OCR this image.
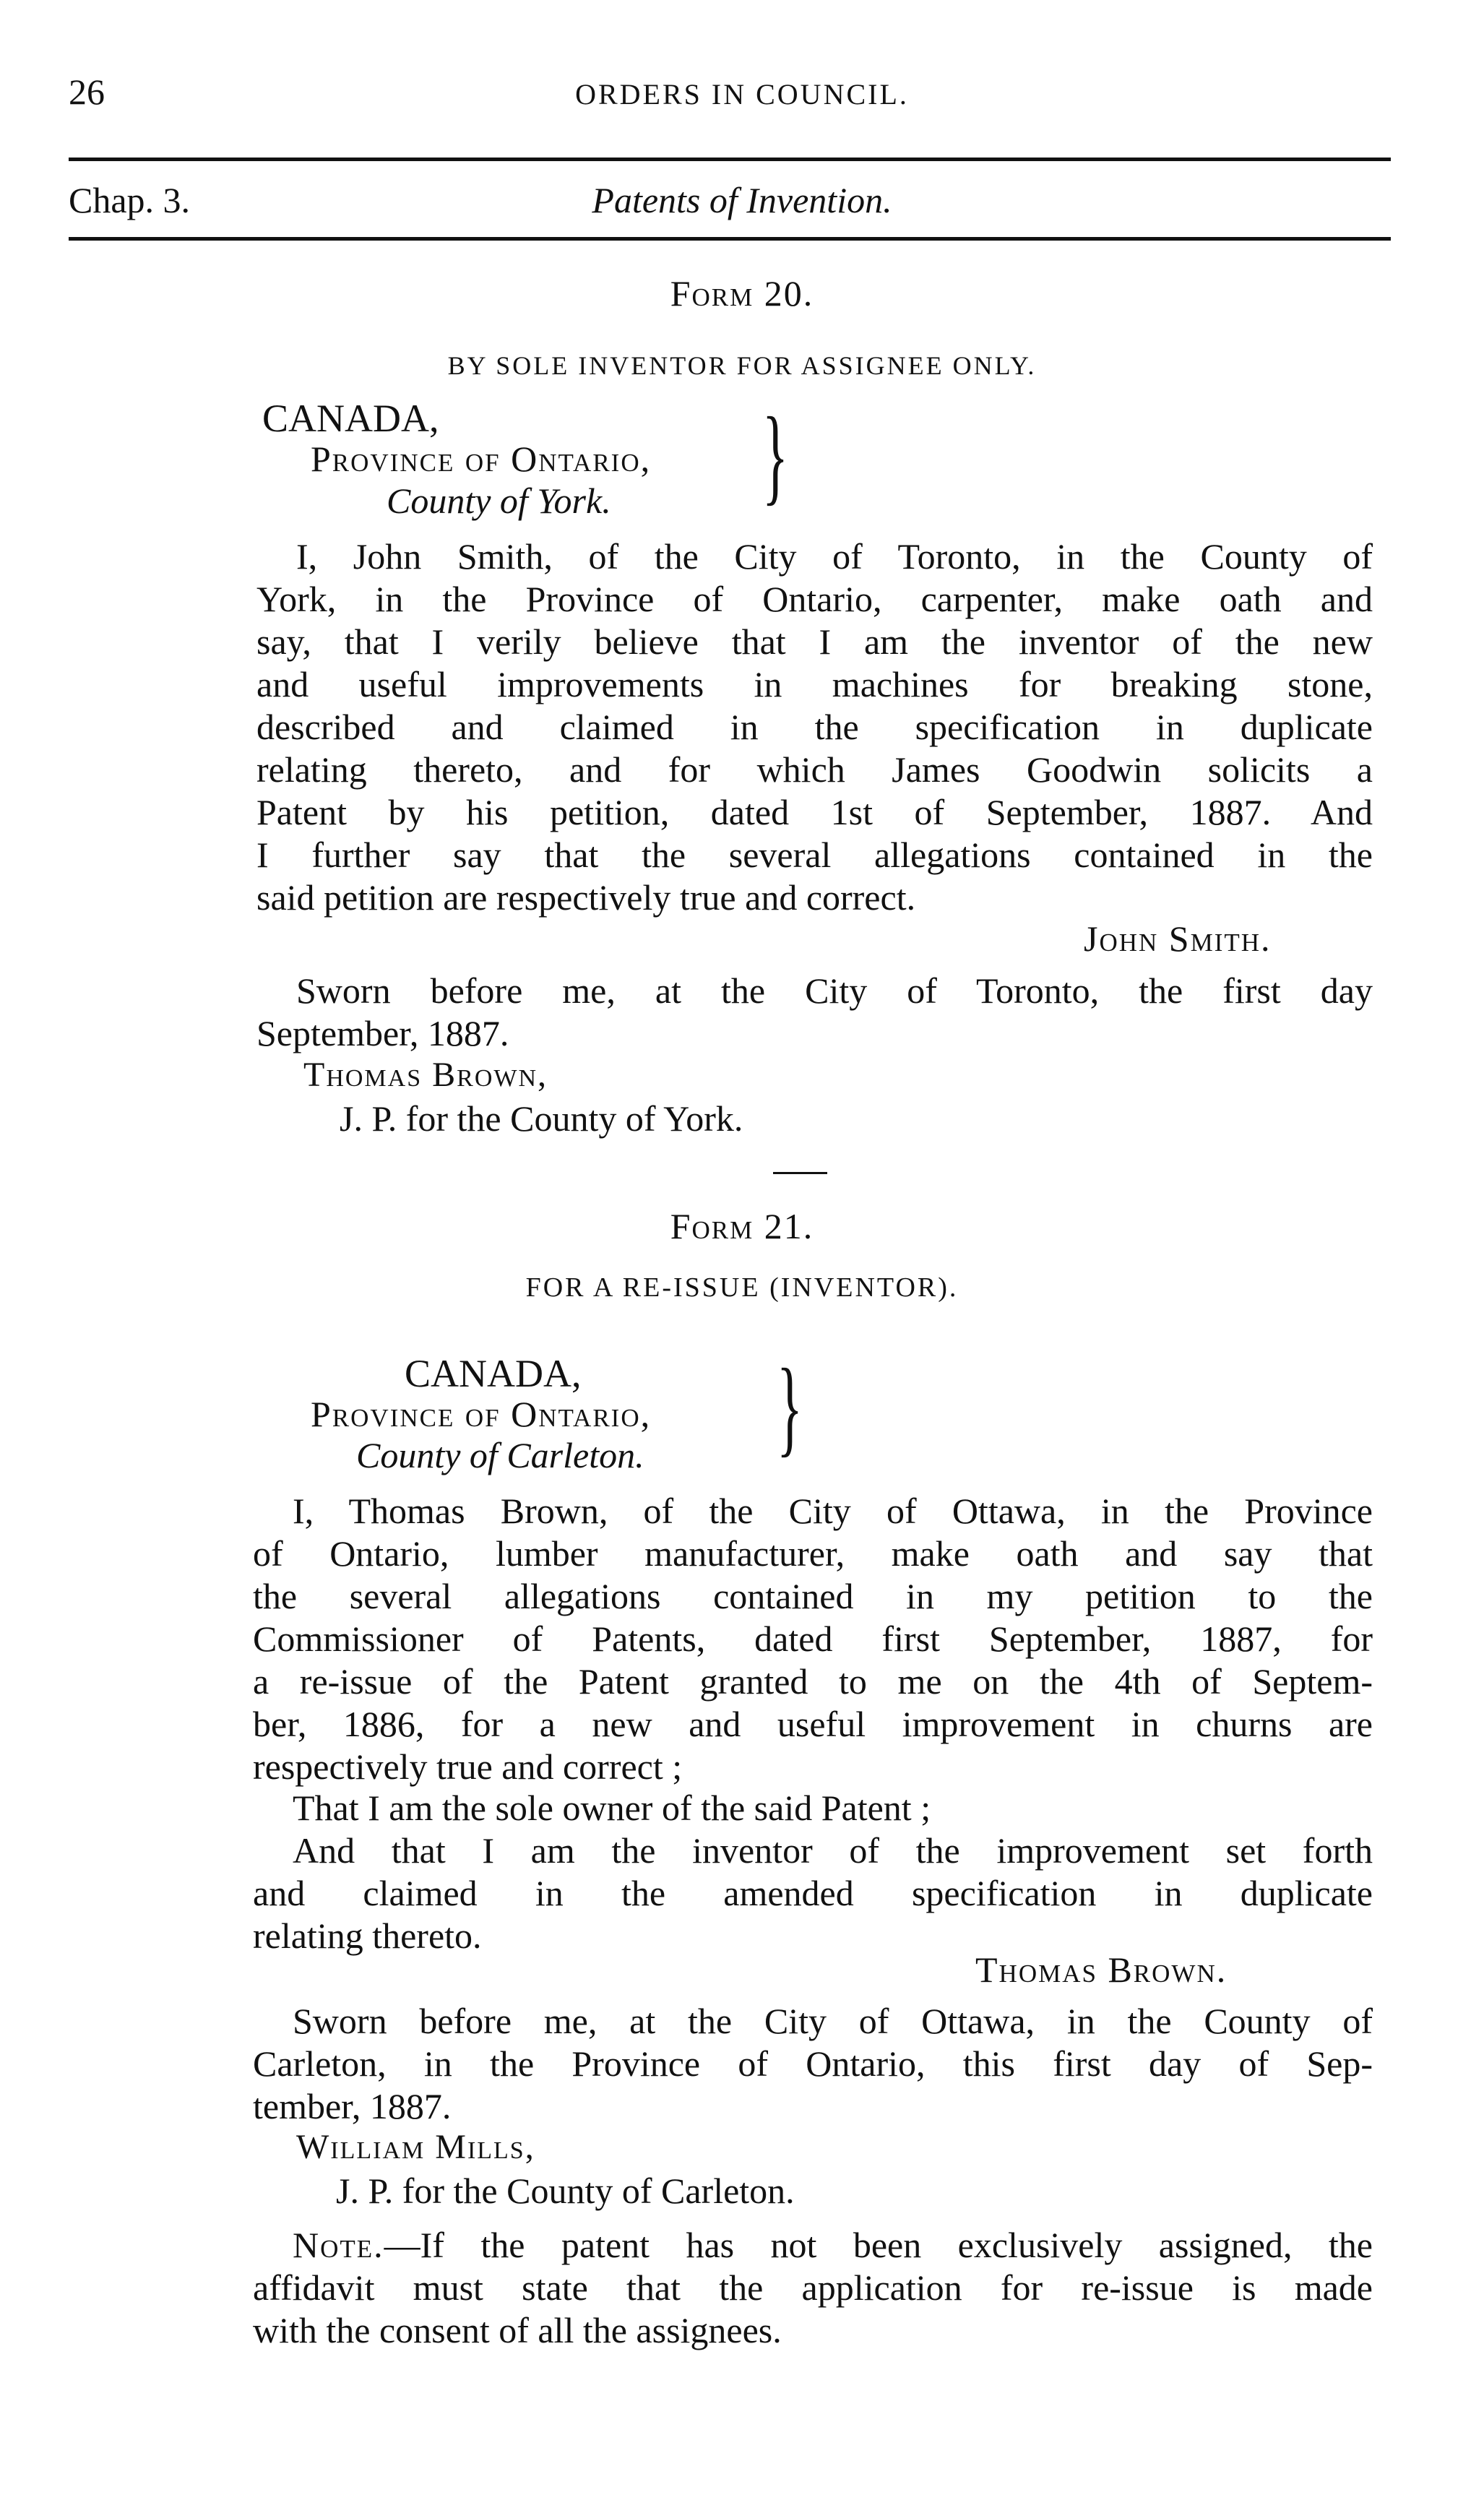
26	ORDERS IN COUNCIL.
Chap. 3.	Patents of Invention.
Form 20.
BY SOLE INVENTOR FOR ASSIGNEE ONLY.
CANADA,
Province of Ontario,
County of York. }
I, John Smith, of the City of Toronto, in the County of
York, in the Province of Ontario, carpenter, make oath and
say, that I verily believe that I am the inventor of the new
and useful improvements in machines for breaking stone,
described and claimed in the specification in duplicate
relating thereto, and for which James Goodwin solicits a
Patent by his petition, dated 1st of September, 1887. And
I further say that the several allegations contained in the
said petition are respectively true and correct.
John Smith.
Sworn before me, at the City of Toronto, the first day
September, 1887.
Thomas Brown,
J. P. for the County of York.
Form 21.
FOR A RE-ISSUE (INVENTOR).
CANADA,
Province of Ontario,
County of Carleton. }
I, Thomas Brown, of the City of Ottawa, in the Province
of Ontario, lumber manufacturer, make oath and say that
the several allegations contained in my petition to the
Commissioner of Patents, dated first September, 1887, for
a re-issue of the Patent granted to me on the 4th of Septem-
ber, 1886, for a new and useful improvement in churns are
respectively true and correct ;
That I am the sole owner of the said Patent ;
And that I am the inventor of the improvement set forth
and claimed in the amended specification in duplicate
relating thereto.
Thomas Brown.
Sworn before me, at the City of Ottawa, in the County of
Carleton, in the Province of Ontario, this first day of Sep-
tember, 1887.
William Mills,
J. P. for the County of Carleton.
Note.—If the patent has not been exclusively assigned, the
affidavit must state that the application for re-issue is made
with the consent of all the assignees.
